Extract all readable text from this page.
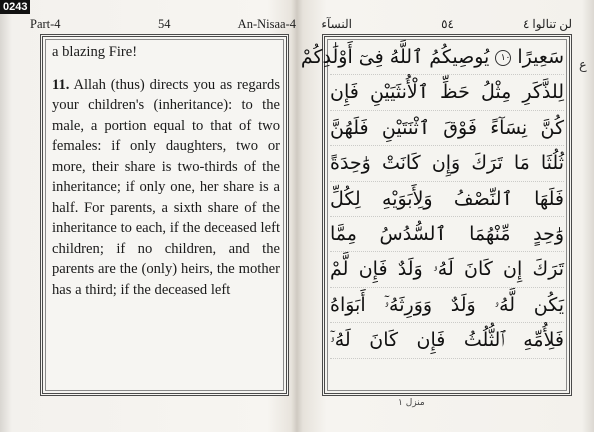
0243
Part-4	54	An-Nisaa-4

a blazing Fire!

11. Allah (thus) directs you as regards your children's (inheritance): to the male, a portion equal to that of two females: if only daughters, two or more, their share is two-thirds of the inheritance; if only one, her share is a half. For parents, a sixth share of the inheritance to each, if the deceased left children; if no children, and the parents are the (only) heirs, the mother has a third; if the deceased left

لن تنالوا ٤
٥٤
النسآء
سَعِيرًا ١٠ يُوصِيكُمُ ٱللَّهُ فِىٓ أَوْلَٰدِكُمْ
لِلذَّكَرِ مِثْلُ حَظِّ ٱلْأُنثَيَيْنِ فَإِن
كُنَّ نِسَآءً فَوْقَ ٱثْنَتَيْنِ فَلَهُنَّ
ثُلُثَا مَا تَرَكَ وَإِن كَانَتْ وَٰحِدَةً
فَلَهَا ٱلنِّصْفُ وَلِأَبَوَيْهِ لِكُلِّ
وَٰحِدٍ مِّنْهُمَا ٱلسُّدُسُ مِمَّا
تَرَكَ إِن كَانَ لَهُۥ وَلَدٌ فَإِن لَّمْ
يَكُن لَّهُۥ وَلَدٌ وَوَرِثَهُۥٓ أَبَوَاهُ
فَلِأُمِّهِ ٱلثُّلُثُ فَإِن كَانَ لَهُۥٓ
ع
منزل ١
